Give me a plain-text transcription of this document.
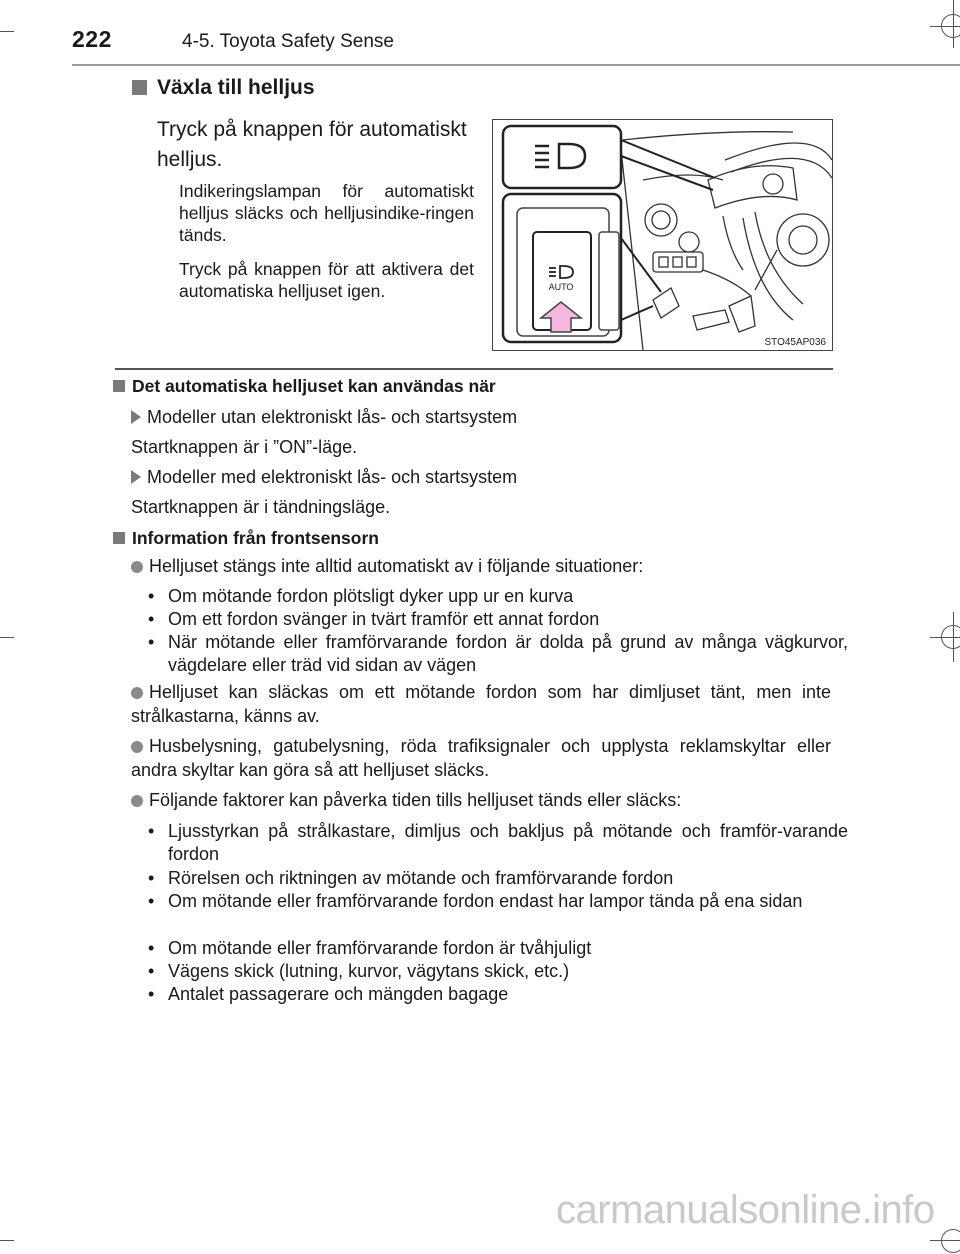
222	4-5. Toyota Safety Sense
Växla till helljus
Tryck på knappen för automatiskt helljus.
Indikeringslampan för automatiskt helljus släcks och helljusindike-ringen tänds.
Tryck på knappen för att aktivera det automatiska helljuset igen.	AUTO
STO45AP036
Det automatiska helljuset kan användas när
Modeller utan elektroniskt lås- och startsystem
Startknappen är i ”ON”-läge.
Modeller med elektroniskt lås- och startsystem
Startknappen är i tändningsläge.
Information från frontsensorn
Helljuset stängs inte alltid automatiskt av i följande situationer:
• Om mötande fordon plötsligt dyker upp ur en kurva
• Om ett fordon svänger in tvärt framför ett annat fordon
• När mötande eller framförvarande fordon är dolda på grund av många vägkurvor, vägdelare eller träd vid sidan av vägen
Helljuset kan släckas om ett mötande fordon som har dimljuset tänt, men inte strålkastarna, känns av.
Husbelysning, gatubelysning, röda trafiksignaler och upplysta reklamskyltar eller andra skyltar kan göra så att helljuset släcks.
Följande faktorer kan påverka tiden tills helljuset tänds eller släcks:
• Ljusstyrkan på strålkastare, dimljus och bakljus på mötande och framför-varande fordon
• Rörelsen och riktningen av mötande och framförvarande fordon
• Om mötande eller framförvarande fordon endast har lampor tända på ena sidan
• Om mötande eller framförvarande fordon är tvåhjuligt
• Vägens skick (lutning, kurvor, vägytans skick, etc.)
• Antalet passagerare och mängden bagage
carmanualsonline.info
